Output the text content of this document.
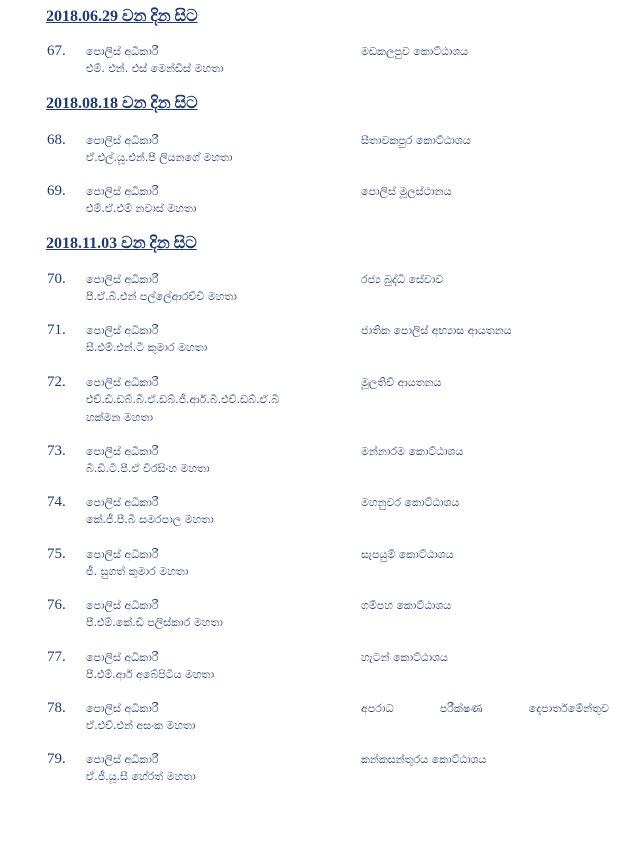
2018.06.29 වන දින සිට
67. පොලිස් අධිකාරී
එම්. එන්. එස් මෙන්ඩිස් මහතා
මඩකලපුව කොට්ඨාශය
2018.08.18 වන දින සිට
68. පොලිස් අධිකාරී
ඒ.එල්.යූ.එන්.පී ලියනගේ මහතා
සීතාවකපුර කොට්ඨාශය
69. පොලිස් අධිකාරී
එම්.ඒ.එම් නවාස් මහතා
පොලිස් මූලස්ථානය
2018.11.03 වන දින සිට
70. පොලිස් අධිකාරී
පී.ඒ.බී.එන් පල්ලේආරච්චි මහතා
රජ්‍ය බුද්ධි සේවාව
71. පොලිස් අධිකාරී
සී.එම්.එන්.ටී කුමාර මහතා
ජාතික පොලිස් අභ්‍යාස ආයතනය
72. පොලිස් අධිකාරී
එච්.ඩී.ඩබ්.බී.ඒ.ඩබ්.ජී.ආර්.බී.එච්.ඩබ්.ඒ.බී
හක්මන මහතා
මූලතිව් ආයතනය
73. පොලිස් අධිකාරී
බී.ඩී.ටී.පී.ඒ වීරසිංහ මහතා
මන්නාරම කොට්ඨාශය
74. පොලිස් අධිකාරී
කේ.ජී.පී.බී සමරපාල මහතා
මහනුවර කොට්ඨාශය
75. පොලිස් අධිකාරී
ජී. සුගත් කුමාර මහතා
සැපයුම් කොට්ඨාශය
76. පොලිස් අධිකාරී
පී.එම්.කේ.ඩී පලිස්කාර මහතා
ගම්පහ කොට්ඨාශය
77. පොලිස් අධිකාරී
පී.එම්.ආර් අබේපිටිය මහතා
හැටන් කොට්ඨාශය
78. පොලිස් අධිකාරී
ඒ.එච්.එන් අසංක මහතා
අපරාධ	පරීක්ෂණ	දෙපාර්තමේන්තුව
79. පොලිස් අධිකාරී
ඒ.ජී.යූ.සී හේරත් මහතා
කන්කසන්තුරය කොට්ඨාශය
